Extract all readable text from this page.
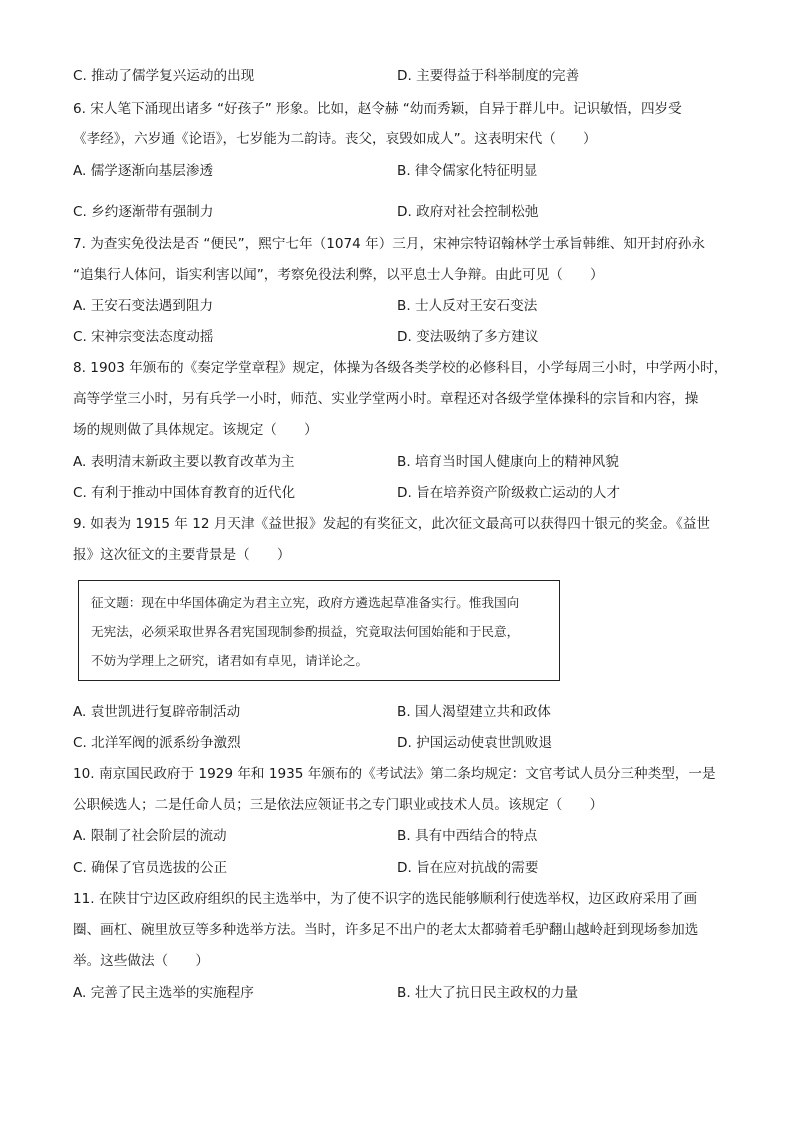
C. 推动了儒学复兴运动的出现	D. 主要得益于科举制度的完善
6. 宋人笔下涌现出诸多 “好孩子” 形象。比如，赵令赫 “幼而秀颖，自异于群儿中。记识敏悟，四岁受
《孝经》，六岁通《论语》，七岁能为二韵诗。丧父，哀毁如成人”。这表明宋代（　　）
A. 儒学逐渐向基层渗透	B. 律令儒家化特征明显
C. 乡约逐渐带有强制力	D. 政府对社会控制松弛
7. 为查实免役法是否 “便民”，熙宁七年（1074 年）三月，宋神宗特诏翰林学士承旨韩维、知开封府孙永
“追集行人体问，诣实利害以闻”，考察免役法利弊，以平息士人争辩。由此可见（　　）
A. 王安石变法遇到阻力	B. 士人反对王安石变法
C. 宋神宗变法态度动摇	D. 变法吸纳了多方建议
8. 1903 年颁布的《奏定学堂章程》规定，体操为各级各类学校的必修科目，小学每周三小时，中学两小时，
高等学堂三小时，另有兵学一小时，师范、实业学堂两小时。章程还对各级学堂体操科的宗旨和内容，操
场的规则做了具体规定。该规定（　　）
A. 表明清末新政主要以教育改革为主	B. 培育当时国人健康向上的精神风貌
C. 有利于推动中国体育教育的近代化	D. 旨在培养资产阶级救亡运动的人才
9. 如表为 1915 年 12 月天津《益世报》发起的有奖征文，此次征文最高可以获得四十银元的奖金。《益世
报》这次征文的主要背景是（　　）
征文题：现在中华国体确定为君主立宪，政府方遴选起草准备实行。惟我国向
无宪法，必须采取世界各君宪国现制参酌损益，究竟取法何国始能和于民意，
不妨为学理上之研究，诸君如有卓见，请详论之。
A. 袁世凯进行复辟帝制活动	B. 国人渴望建立共和政体
C. 北洋军阀的派系纷争激烈	D. 护国运动使袁世凯败退
10. 南京国民政府于 1929 年和 1935 年颁布的《考试法》第二条均规定：文官考试人员分三种类型，一是
公职候选人；二是任命人员；三是依法应领证书之专门职业或技术人员。该规定（　　）
A. 限制了社会阶层的流动	B. 具有中西结合的特点
C. 确保了官员选拔的公正	D. 旨在应对抗战的需要
11. 在陕甘宁边区政府组织的民主选举中，为了使不识字的选民能够顺利行使选举权，边区政府采用了画
圈、画杠、碗里放豆等多种选举方法。当时，许多足不出户的老太太都骑着毛驴翻山越岭赶到现场参加选
举。这些做法（　　）
A. 完善了民主选举的实施程序	B. 壮大了抗日民主政权的力量
